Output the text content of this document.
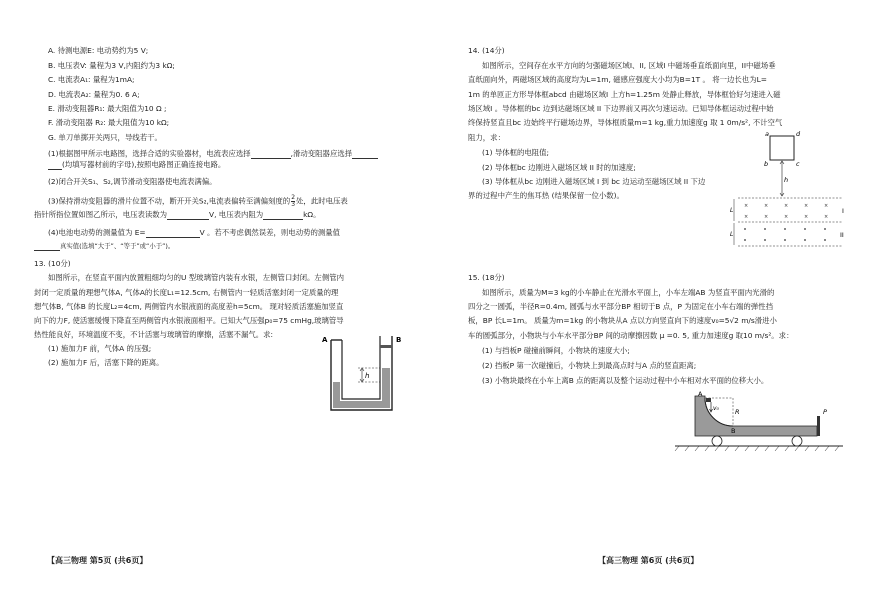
A. 待测电源E: 电动势约为5 V;
B. 电压表V: 量程为3 V,内阻约为3 kΩ;
C. 电流表A₁: 量程为1mA;
D. 电流表A₂: 量程为0. 6 A;
E. 滑动变阻器R₁: 最大阻值为10 Ω ;
F. 滑动变阻器 R₂: 最大阻值为10 kΩ;
G. 单刀单掷开关两只，导线若干。
(1)根据图甲所示电路图，选择合适的实验器材，电流表应选择	,滑动变阻器应选择
(均填写器材前的字母),按照电路图正确连接电路。
(2)闭合开关S₁、S₂,调节滑动变阻器使电流表满偏。
(3)保持滑动变阻器的滑片位置不动，断开开关S₂,电流表偏转至满偏刻度的 $\frac{2}{3}$ 处，此时电压表
指针所指位置如图乙所示，电压表读数为	V, 电压表内阻为	kΩ。
(4)电池电动势的测量值为 E=	V 。若不考虑偶然误差，则电动势的测量值
真实值(选填“大于”、“等于”或“小于”)。
13. (10分)
如图所示，在竖直平面内放置粗细均匀的U 型玻璃管内装有水银，左侧管口封闭。左侧管内
封闭一定质量的理想气体A, 气体A的长度L₁=12.5cm, 右侧管内一轻质活塞封闭一定质量的理
想气体B, 气体B 的长度L₂=4cm, 两侧管内水银液面的高度差h=5cm。 现对轻质活塞施加竖直
向下的力F, 使活塞缓慢下降直至两侧管内水银液面相平。已知大气压强p₀=75 cmHg,玻璃管导
热性能良好，环境温度不变，不计活塞与玻璃管的摩擦，活塞不漏气。求:
(1) 施加力F 前，气体A 的压强;
(2) 施加力F 后，活塞下降的距离。
A	B
h
【高三物理 第5页 (共6页】
14. (14分)
如图所示，空间存在水平方向的匀强磁场区域I、II, 区域I 中磁场垂直纸面向里，II中磁场垂
直纸面向外，两磁场区域的高度均为L=1m, 磁感应强度大小均为B=1T 。 将一边长也为L=
1m 的单匝正方形导体框abcd 由磁场区域I 上方h=1.25m 处静止释放，导体框恰好匀速进入磁
场区域I 。导体框的bc 边到达磁场区域 II 下边界前又再次匀速运动。已知导体框运动过程中始
终保持竖直且bc 边始终平行磁场边界，导体框质量m=1 kg,重力加速度g 取 1 0m/s², 不计空气
阻力，求：
(1) 导体框的电阻值;
(2) 导体框bc 边刚进入磁场区域 II 时的加速度;
(3) 导体框从bc 边刚进入磁场区域 I 到 bc 边运动至磁场区域 II 下边
界的过程中产生的焦耳热 (结果保留一位小数)。
a	d
b	c
h
×	×	×	×	×
×	×	×	×	×
L
L
I
II
15. (18分)
如图所示，质量为M=3 kg的小车静止在光滑水平面上，小车左端AB 为竖直平面内光滑的
四分之一圆弧，半径R=0.4m, 圆弧与水平部分BP 相切于B 点，P 为固定在小车右端的弹性挡
板，BP 长L=1m。 质量为m=1kg 的小物块从A 点以方向竖直向下的速度v₀=5√2 m/s滑进小
车的圆弧部分，小物块与小车水平部分BP 间的动摩擦因数 μ =0. 5, 重力加速度g 取10 m/s²。求：
(1) 与挡板P 碰撞前瞬间，小物块的速度大小;
(2) 挡板P 第一次碰撞后，小物块上到最高点时与A 点的竖直距离;
(3) 小物块最终在小车上离B 点的距离以及整个运动过程中小车相对水平面的位移大小。
R
A
v₀
B
P
【高三物理 第6页 (共6页】
